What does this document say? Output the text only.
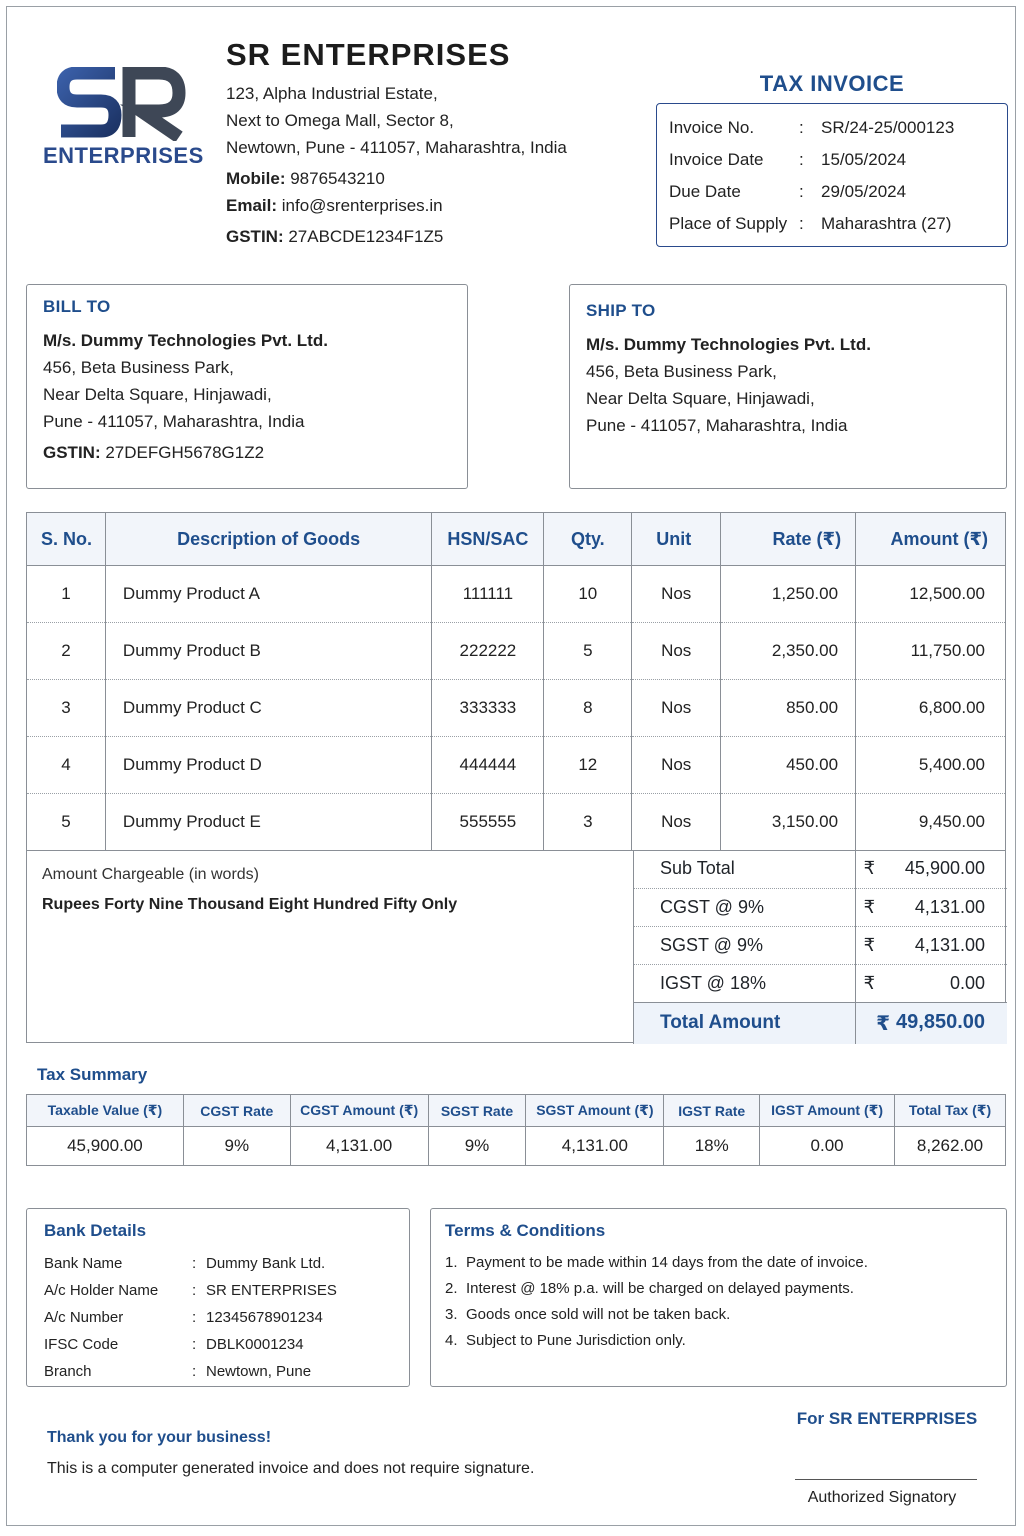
ENTERPRISES
SR ENTERPRISES
123, Alpha Industrial Estate,
Next to Omega Mall, Sector 8,
Newtown, Pune - 411057, Maharashtra, India
Mobile: 9876543210
Email: info@srenterprises.in
GSTIN: 27ABCDE1234F1Z5
TAX INVOICE
Invoice No.	:	SR/24-25/000123
Invoice Date	:	15/05/2024
Due Date	:	29/05/2024
Place of Supply :	Maharashtra (27)
BILL TO
M/s. Dummy Technologies Pvt. Ltd.
456, Beta Business Park,
Near Delta Square, Hinjawadi,
Pune - 411057, Maharashtra, India
GSTIN: 27DEFGH5678G1Z2
SHIP TO
M/s. Dummy Technologies Pvt. Ltd.
456, Beta Business Park,
Near Delta Square, Hinjawadi,
Pune - 411057, Maharashtra, India
S. No.	Description of Goods	HSN/SAC	Qty.	Unit	Rate (₹)	Amount (₹)
1	Dummy Product A	111111	10	Nos	1,250.00	12,500.00
2	Dummy Product B	222222	5	Nos	2,350.00	11,750.00
3	Dummy Product C	333333	8	Nos	850.00	6,800.00
4	Dummy Product D	444444	12	Nos	450.00	5,400.00
5	Dummy Product E	555555	3	Nos	3,150.00	9,450.00
Amount Chargeable (in words)
Rupees Forty Nine Thousand Eight Hundred Fifty Only
Sub Total	₹ 45,900.00

CGST @ 9%	₹ 4,131.00

SGST @ 9%	₹ 4,131.00

IGST @ 18%	₹ 0.00

Total Amount	₹ 49,850.00
Tax Summary
Taxable Value (₹)	CGST Rate	CGST Amount (₹)	SGST Rate	SGST Amount (₹)	IGST Rate	IGST Amount (₹)	Total Tax (₹)
45,900.00	9%	4,131.00	9%	4,131.00	18%	0.00	8,262.00
Bank Details
Bank Name	: Dummy Bank Ltd.
A/c Holder Name	: SR ENTERPRISES
A/c Number	: 12345678901234
IFSC Code	: DBLK0001234
Branch	: Newtown, Pune
Terms & Conditions
1. Payment to be made within 14 days from the date of invoice.
2. Interest @ 18% p.a. will be charged on delayed payments.
3. Goods once sold will not be taken back.
4. Subject to Pune Jurisdiction only.
For SR ENTERPRISES
Thank you for your business!
This is a computer generated invoice and does not require signature.
Authorized Signatory
